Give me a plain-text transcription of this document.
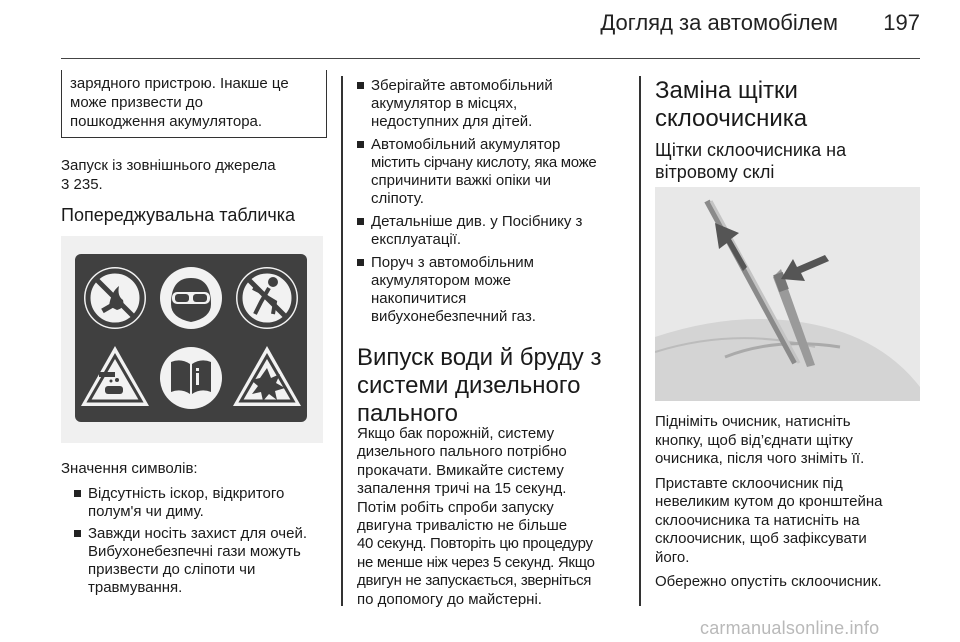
Догляд за автомобілем 197
зарядного пристрою. Інакше це
може призвести до
пошкодження акумулятора.
Запуск із зовнішнього джерела
3 235.
Попереджувальна табличка
Значення символів:
Відсутність іскор, відкритого
полум'я чи диму.
Завжди носіть захист для очей.
Вибухонебезпечні гази можуть
призвести до сліпоти чи
травмування.
Зберігайте автомобільний
акумулятор в місцях,
недоступних для дітей.
Автомобільний акумулятор
містить сірчану кислоту, яка може
спричинити важкі опіки чи
сліпоту.
Детальніше див. у Посібнику з
експлуатації.
Поруч з автомобільним
акумулятором може
накопичитися
вибухонебезпечний газ.
Випуск води й бруду з
системи дизельного
пального
Якщо бак порожній, систему
дизельного пального потрібно
прокачати. Вмикайте систему
запалення тричі на 15 секунд.
Потім робіть спроби запуску
двигуна тривалістю не більше
40 секунд. Повторіть цю процедуру
не менше ніж через 5 секунд. Якщо
двигун не запускається, зверніться
по допомогу до майстерні.
Заміна щітки
склоочисника
Щітки склоочисника на
вітровому склі
Підніміть очисник, натисніть
кнопку, щоб від’єднати щітку
очисника, після чого зніміть її.
Приставте склоочисник під
невеликим кутом до кронштейна
склоочисника та натисніть на
склоочисник, щоб зафіксувати
його.
Обережно опустіть склоочисник.
carmanualsonline.info
